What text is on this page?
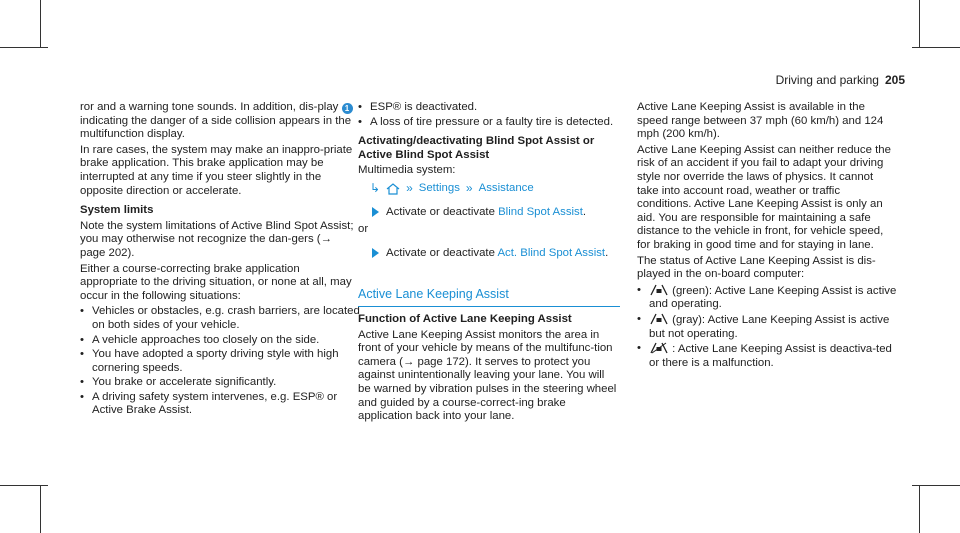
Driving and parking 205

ror and a warning tone sounds. In addition, dis-play 1 indicating the danger of a side collision appears in the multifunction display.

In rare cases, the system may make an inappro-priate brake application. This brake application may be interrupted at any time if you steer slightly in the opposite direction or accelerate.

System limits

Note the system limitations of Active Blind Spot Assist; you may otherwise not recognize the dan-gers (→ page 202).

Either a course-correcting brake application appropriate to the driving situation, or none at all, may occur in the following situations:

• Vehicles or obstacles, e.g. crash barriers, are located on both sides of your vehicle.
• A vehicle approaches too closely on the side.
• You have adopted a sporty driving style with high cornering speeds.
• You brake or accelerate significantly.
• A driving safety system intervenes, e.g. ESP® or Active Brake Assist.
• ESP® is deactivated.
• A loss of tire pressure or a faulty tire is detected.

Activating/deactivating Blind Spot Assist or Active Blind Spot Assist

Multimedia system:

↳ » Settings » Assistance

Activate or deactivate Blind Spot Assist.

or

Activate or deactivate Act. Blind Spot Assist.

Active Lane Keeping Assist

Function of Active Lane Keeping Assist

Active Lane Keeping Assist monitors the area in front of your vehicle by means of the multifunc-tion camera (→ page 172). It serves to protect you against unintentionally leaving your lane. You will be warned by vibration pulses in the steering wheel and guided by a course-correct-ing brake application back into your lane.

Active Lane Keeping Assist is available in the speed range between 37 mph (60 km/h) and 124 mph (200 km/h).

Active Lane Keeping Assist can neither reduce the risk of an accident if you fail to adapt your driving style nor override the laws of physics. It cannot take into account road, weather or traffic conditions. Active Lane Keeping Assist is only an aid. You are responsible for maintaining a safe distance to the vehicle in front, for vehicle speed, for braking in good time and for staying in lane.

The status of Active Lane Keeping Assist is dis-played in the on-board computer:

• (green): Active Lane Keeping Assist is active and operating.
• (gray): Active Lane Keeping Assist is active but not operating.
• : Active Lane Keeping Assist is deactiva-ted or there is a malfunction.
